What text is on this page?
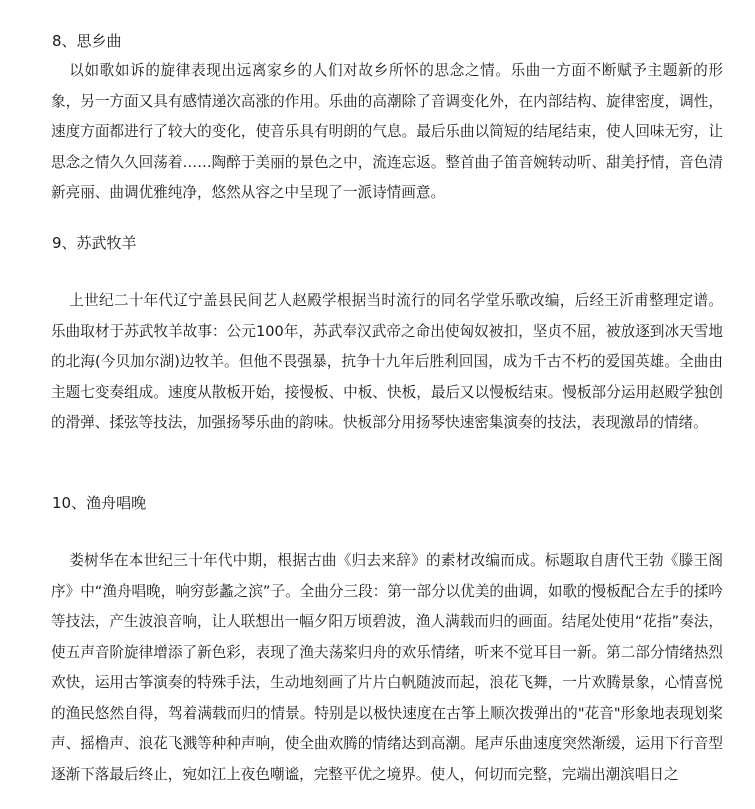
8、思乡曲

以如歌如诉的旋律表现出远离家乡的人们对故乡所怀的思念之情。乐曲一方面不断赋予主题新的形象，另一方面又具有感情递次高涨的作用。乐曲的高潮除了音调变化外，在内部结构、旋律密度，调性，速度方面都进行了较大的变化，使音乐具有明朗的气息。最后乐曲以简短的结尾结束，使人回味无穷，让思念之情久久回荡着……陶醉于美丽的景色之中，流连忘返。整首曲子笛音婉转动听、甜美抒情，音色清新亮丽、曲调优雅纯净，悠然从容之中呈现了一派诗情画意。

9、苏武牧羊

上世纪二十年代辽宁盖县民间艺人赵殿学根据当时流行的同名学堂乐歌改编，后经王沂甫整理定谱。乐曲取材于苏武牧羊故事：公元100年，苏武奉汉武帝之命出使匈奴被扣，坚贞不屈，被放逐到冰天雪地的北海(今贝加尔湖)边牧羊。但他不畏强暴，抗争十九年后胜利回国，成为千古不朽的爱国英雄。全曲由主题七变奏组成。速度从散板开始，接慢板、中板、快板，最后又以慢板结束。慢板部分运用赵殿学独创的滑弹、揉弦等技法，加强扬琴乐曲的韵味。快板部分用扬琴快速密集演奏的技法，表现激昂的情绪。

10、渔舟唱晚

娄树华在本世纪三十年代中期，根据古曲《归去来辞》的素材改编而成。标题取自唐代王勃《滕王阁序》中“渔舟唱晚，响穷彭蠡之滨”子。全曲分三段：第一部分以优美的曲调，如歌的慢板配合左手的揉吟等技法，产生波浪音响，让人联想出一幅夕阳万顷碧波，渔人满载而归的画面。结尾处使用“花指”奏法，使五声音阶旋律增添了新色彩，表现了渔夫荡桨归舟的欢乐情绪，听来不觉耳目一新。第二部分情绪热烈欢快，运用古筝演奏的特殊手法，生动地刻画了片片白帆随波而起，浪花飞舞，一片欢腾景象，心情喜悦的渔民悠然自得，驾着满载而归的情景。特别是以极快速度在古筝上顺次拨弹出的"花音"形象地表现划桨声、摇橹声、浪花飞溅等种种声响，使全曲欢腾的情绪达到高潮。尾声乐曲速度突然渐缓，运用下行音型逐渐下落最后终止，宛如江上夜色嘲谧，完整平优之境界。使人，何切而完整，完端出潮滨唱日之
